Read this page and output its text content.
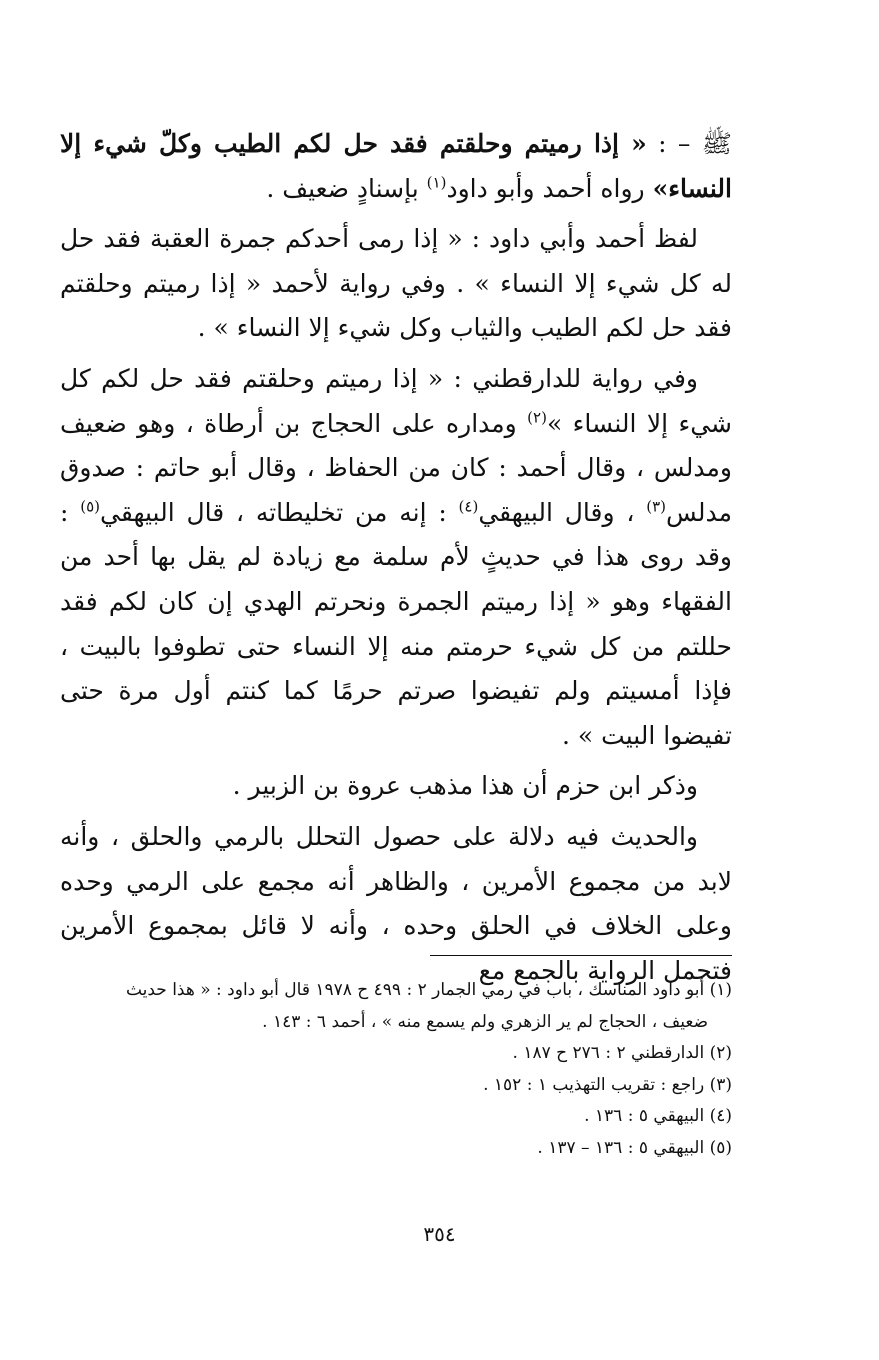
ﷺ – : « إذا رميتم وحلقتم فقد حل لكم الطيب وكلّ شيء إلا النساء» رواه أحمد وأبو داود$^{(١)}$ بإسنادٍ ضعيف .

لفظ أحمد وأبي داود : « إذا رمى أحدكم جمرة العقبة فقد حل له كل شيء إلا النساء » . وفي رواية لأحمد « إذا رميتم وحلقتم فقد حل لكم الطيب والثياب وكل شيء إلا النساء » .

وفي رواية للدارقطني : « إذا رميتم وحلقتم فقد حل لكم كل شيء إلا النساء »$^{(٢)}$ ومداره على الحجاج بن أرطاة ، وهو ضعيف ومدلس ، وقال أحمد : كان من الحفاظ ، وقال أبو حاتم : صدوق مدلس$^{(٣)}$ ، وقال البيهقي$^{(٤)}$ : إنه من تخليطاته ، قال البيهقي$^{(٥)}$ : وقد روى هذا في حديثٍ لأم سلمة مع زيادة لم يقل بها أحد من الفقهاء وهو « إذا رميتم الجمرة ونحرتم الهدي إن كان لكم فقد حللتم من كل شيء حرمتم منه إلا النساء حتى تطوفوا بالبيت ، فإذا أمسيتم ولم تفيضوا صرتم حرمًا كما كنتم أول مرة حتى تفيضوا البيت » .

وذكر ابن حزم أن هذا مذهب عروة بن الزبير .

والحديث فيه دلالة على حصول التحلل بالرمي والحلق ، وأنه لابد من مجموع الأمرين ، والظاهر أنه مجمع على الرمي وحده وعلى الخلاف في الحلق وحده ، وأنه لا قائل بمجموع الأمرين فتحمل الرواية بالجمع مع

(١) أبو داود المناسك ، باب في رمي الجمار ٢ : ٤٩٩ ح ١٩٧٨ قال أبو داود : « هذا حديث

ضعيف ، الحجاج لم ير الزهري ولم يسمع منه » ، أحمد ٦ : ١٤٣ .

(٢) الدارقطني ٢ : ٢٧٦ ح ١٨٧ .

(٣) راجع : تقريب التهذيب ١ : ١٥٢ .

(٤) البيهقي ٥ : ١٣٦ .

(٥) البيهقي ٥ : ١٣٦ – ١٣٧ .

٣٥٤
